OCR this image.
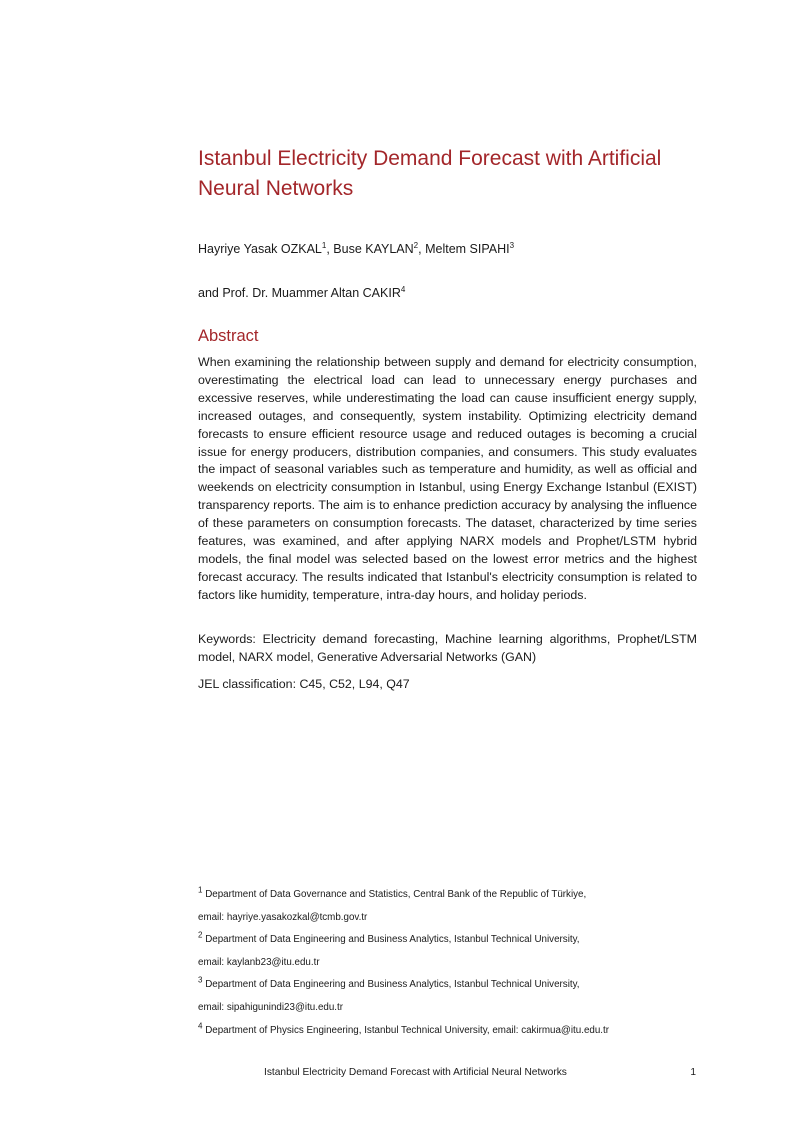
Istanbul Electricity Demand Forecast with Artificial Neural Networks

Hayriye Yasak OZKAL$^1$, Buse KAYLAN$^2$, Meltem SIPAHI$^3$

and Prof. Dr. Muammer Altan CAKIR$^4$

Abstract

When examining the relationship between supply and demand for electricity consumption, overestimating the electrical load can lead to unnecessary energy purchases and excessive reserves, while underestimating the load can cause insufficient energy supply, increased outages, and consequently, system instability. Optimizing electricity demand forecasts to ensure efficient resource usage and reduced outages is becoming a crucial issue for energy producers, distribution companies, and consumers. This study evaluates the impact of seasonal variables such as temperature and humidity, as well as official and weekends on electricity consumption in Istanbul, using Energy Exchange Istanbul (EXIST) transparency reports. The aim is to enhance prediction accuracy by analysing the influence of these parameters on consumption forecasts. The dataset, characterized by time series features, was examined, and after applying NARX models and Prophet/LSTM hybrid models, the final model was selected based on the lowest error metrics and the highest forecast accuracy. The results indicated that Istanbul's electricity consumption is related to factors like humidity, temperature, intra-day hours, and holiday periods.

Keywords: Electricity demand forecasting, Machine learning algorithms, Prophet/LSTM model, NARX model, Generative Adversarial Networks (GAN)

JEL classification: C45, C52, L94, Q47

$^1$ Department of Data Governance and Statistics, Central Bank of the Republic of Türkiye,

email: hayriye.yasakozkal@tcmb.gov.tr

$^2$ Department of Data Engineering and Business Analytics, Istanbul Technical University,

email: kaylanb23@itu.edu.tr

$^3$ Department of Data Engineering and Business Analytics, Istanbul Technical University,

email: sipahigunindi23@itu.edu.tr

$^4$ Department of Physics Engineering, Istanbul Technical University, email: cakirmua@itu.edu.tr

Istanbul Electricity Demand Forecast with Artificial Neural Networks	1
